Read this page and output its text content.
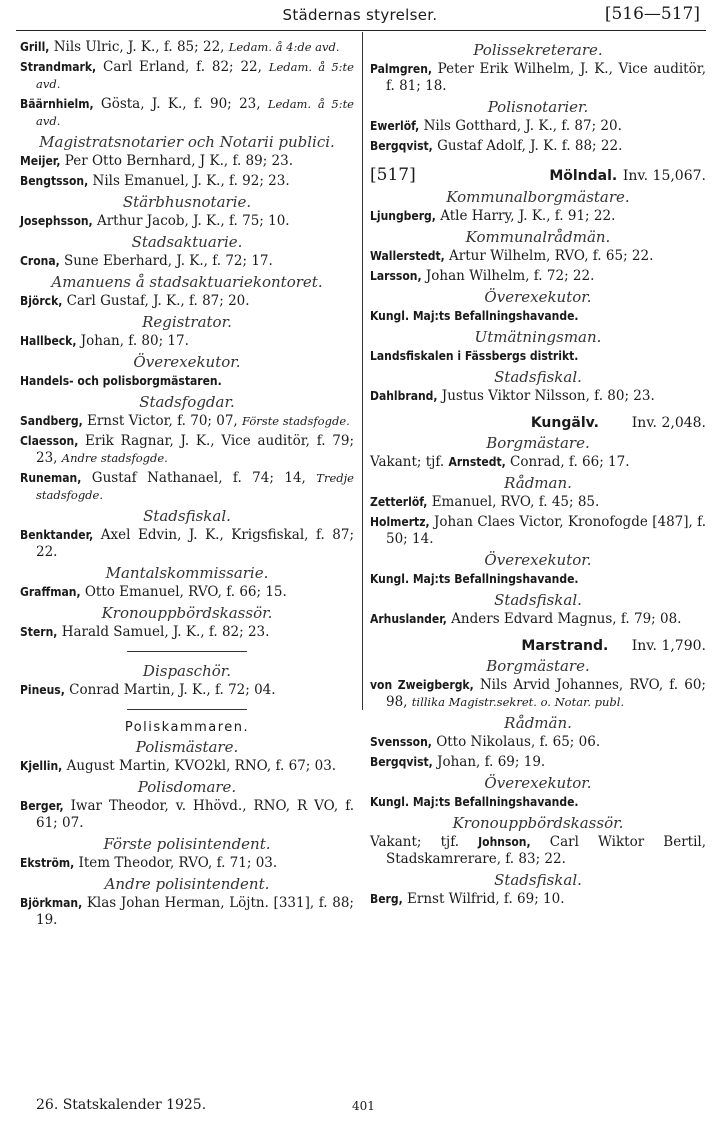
Städernas styrelser.	[516—517]
Grill, Nils Ulric, J. K., f. 85; 22, Ledam. å 4:de avd.
Strandmark, Carl Erland, f. 82; 22, Ledam. å 5:te avd.
Bäärnhielm, Gösta, J. K., f. 90; 23, Ledam. å 5:te avd.
Magistratsnotarier och Notarii publici.
Meijer, Per Otto Bernhard, J K., f. 89; 23.
Bengtsson, Nils Emanuel, J. K., f. 92; 23.
Stärbhusnotarie.
Josephsson, Arthur Jacob, J. K., f. 75; 10.
Stadsaktuarie.
Crona, Sune Eberhard, J. K., f. 72; 17.
Amanuens å stadsaktuariekontoret.
Björck, Carl Gustaf, J. K., f. 87; 20.
Registrator.
Hallbeck, Johan, f. 80; 17.
Överexekutor.
Handels- och polisborgmästaren.
Stadsfogdar.
Sandberg, Ernst Victor, f. 70; 07, Förste stadsfogde.
Claesson, Erik Ragnar, J. K., Vice auditör, f. 79; 23, Andre stadsfogde.
Runeman, Gustaf Nathanael, f. 74; 14, Tredje stadsfogde.
Stadsfiskal.
Benktander, Axel Edvin, J. K., Krigsfiskal, f. 87; 22.
Mantalskommissarie.
Graffman, Otto Emanuel, RVO, f. 66; 15.
Kronouppbördskassör.
Stern, Harald Samuel, J. K., f. 82; 23.
Dispaschör.
Pineus, Conrad Martin, J. K., f. 72; 04.
Poliskammaren.
Polismästare.
Kjellin, August Martin, KVO2kl, RNO, f. 67; 03.
Polisdomare.
Berger, Iwar Theodor, v. Hhövd., RNO, R VO, f. 61; 07.
Förste polisintendent.
Ekström, Item Theodor, RVO, f. 71; 03.
Andre polisintendent.
Björkman, Klas Johan Herman, Löjtn. [331], f. 88; 19.
Polissekreterare.
Palmgren, Peter Erik Wilhelm, J. K., Vice auditör, f. 81; 18.
Polisnotarier.
Ewerlöf, Nils Gotthard, J. K., f. 87; 20.
Bergqvist, Gustaf Adolf, J. K. f. 88; 22.
[517]	Mölndal. Inv. 15,067.
Kommunalborgmästare.
Ljungberg, Atle Harry, J. K., f. 91; 22.
Kommunalrådmän.
Wallerstedt, Artur Wilhelm, RVO, f. 65; 22.
Larsson, Johan Wilhelm, f. 72; 22.
Överexekutor.
Kungl. Maj:ts Befallningshavande.
Utmätningsman.
Landsfiskalen i Fässbergs distrikt.
Stadsfiskal.
Dahlbrand, Justus Viktor Nilsson, f. 80; 23.
Kungälv. Inv. 2,048.
Borgmästare.
Vakant; tjf. Arnstedt, Conrad, f. 66; 17.
Rådman.
Zetterlöf, Emanuel, RVO, f. 45; 85.
Holmertz, Johan Claes Victor, Kronofogde [487], f. 50; 14.
Överexekutor.
Kungl. Maj:ts Befallningshavande.
Stadsfiskal.
Arhuslander, Anders Edvard Magnus, f. 79; 08.
Marstrand. Inv. 1,790.
Borgmästare.
von Zweigbergk, Nils Arvid Johannes, RVO, f. 60; 98, tillika Magistr.sekret. o. Notar. publ.
Rådmän.
Svensson, Otto Nikolaus, f. 65; 06.
Bergqvist, Johan, f. 69; 19.
Överexekutor.
Kungl. Maj:ts Befallningshavande.
Kronouppbördskassör.
Vakant; tjf. Johnson, Carl Wiktor Bertil, Stadskamrerare, f. 83; 22.
Stadsfiskal.
Berg, Ernst Wilfrid, f. 69; 10.
26. Statskalender 1925.	401
